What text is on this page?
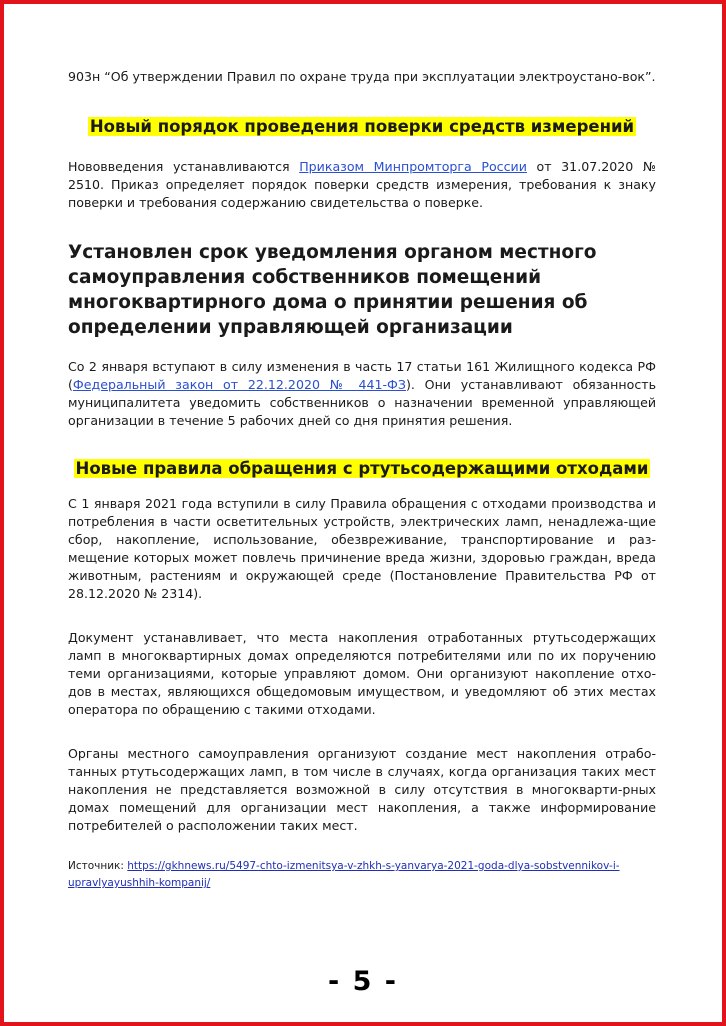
903н “Об утверждении Правил по охране труда при эксплуатации электроустано-вок”.

Новый порядок проведения поверки средств измерений

Нововведения устанавливаются Приказом Минпромторга России от 31.07.2020 № 2510. Приказ определяет порядок поверки средств измерения, требования к знаку поверки и требования содержанию свидетельства о поверке.

Установлен срок уведомления органом местного самоуправления собственников помещений многоквартирного дома о принятии решения об определении управляющей организации

Со 2 января вступают в силу изменения в часть 17 статьи 161 Жилищного кодекса РФ (Федеральный закон от 22.12.2020 № 441-ФЗ). Они устанавливают обязанность муниципалитета уведомить собственников о назначении временной управляющей организации в течение 5 рабочих дней со дня принятия решения.

Новые правила обращения с ртутьсодержащими отходами

С 1 января 2021 года вступили в силу Правила обращения с отходами производства и потребления в части осветительных устройств, электрических ламп, ненадлежа-щие сбор, накопление, использование, обезвреживание, транспортирование и раз-мещение которых может повлечь причинение вреда жизни, здоровью граждан, вреда животным, растениям и окружающей среде (Постановление Правительства РФ от 28.12.2020 № 2314).

Документ устанавливает, что места накопления отработанных ртутьсодержащих ламп в многоквартирных домах определяются потребителями или по их поручению теми организациями, которые управляют домом. Они организуют накопление отхо-дов в местах, являющихся общедомовым имуществом, и уведомляют об этих местах оператора по обращению с такими отходами.

Органы местного самоуправления организуют создание мест накопления отрабо-танных ртутьсодержащих ламп, в том числе в случаях, когда организация таких мест накопления не представляется возможной в силу отсутствия в многокварти-рных домах помещений для организации мест накопления, а также информирование потребителей о расположении таких мест.

Источник: https://gkhnews.ru/5497-chto-izmenitsya-v-zhkh-s-yanvarya-2021-goda-dlya-sobstvennikov-i-
upravlyayushhih-kompanij/

- 5 -
